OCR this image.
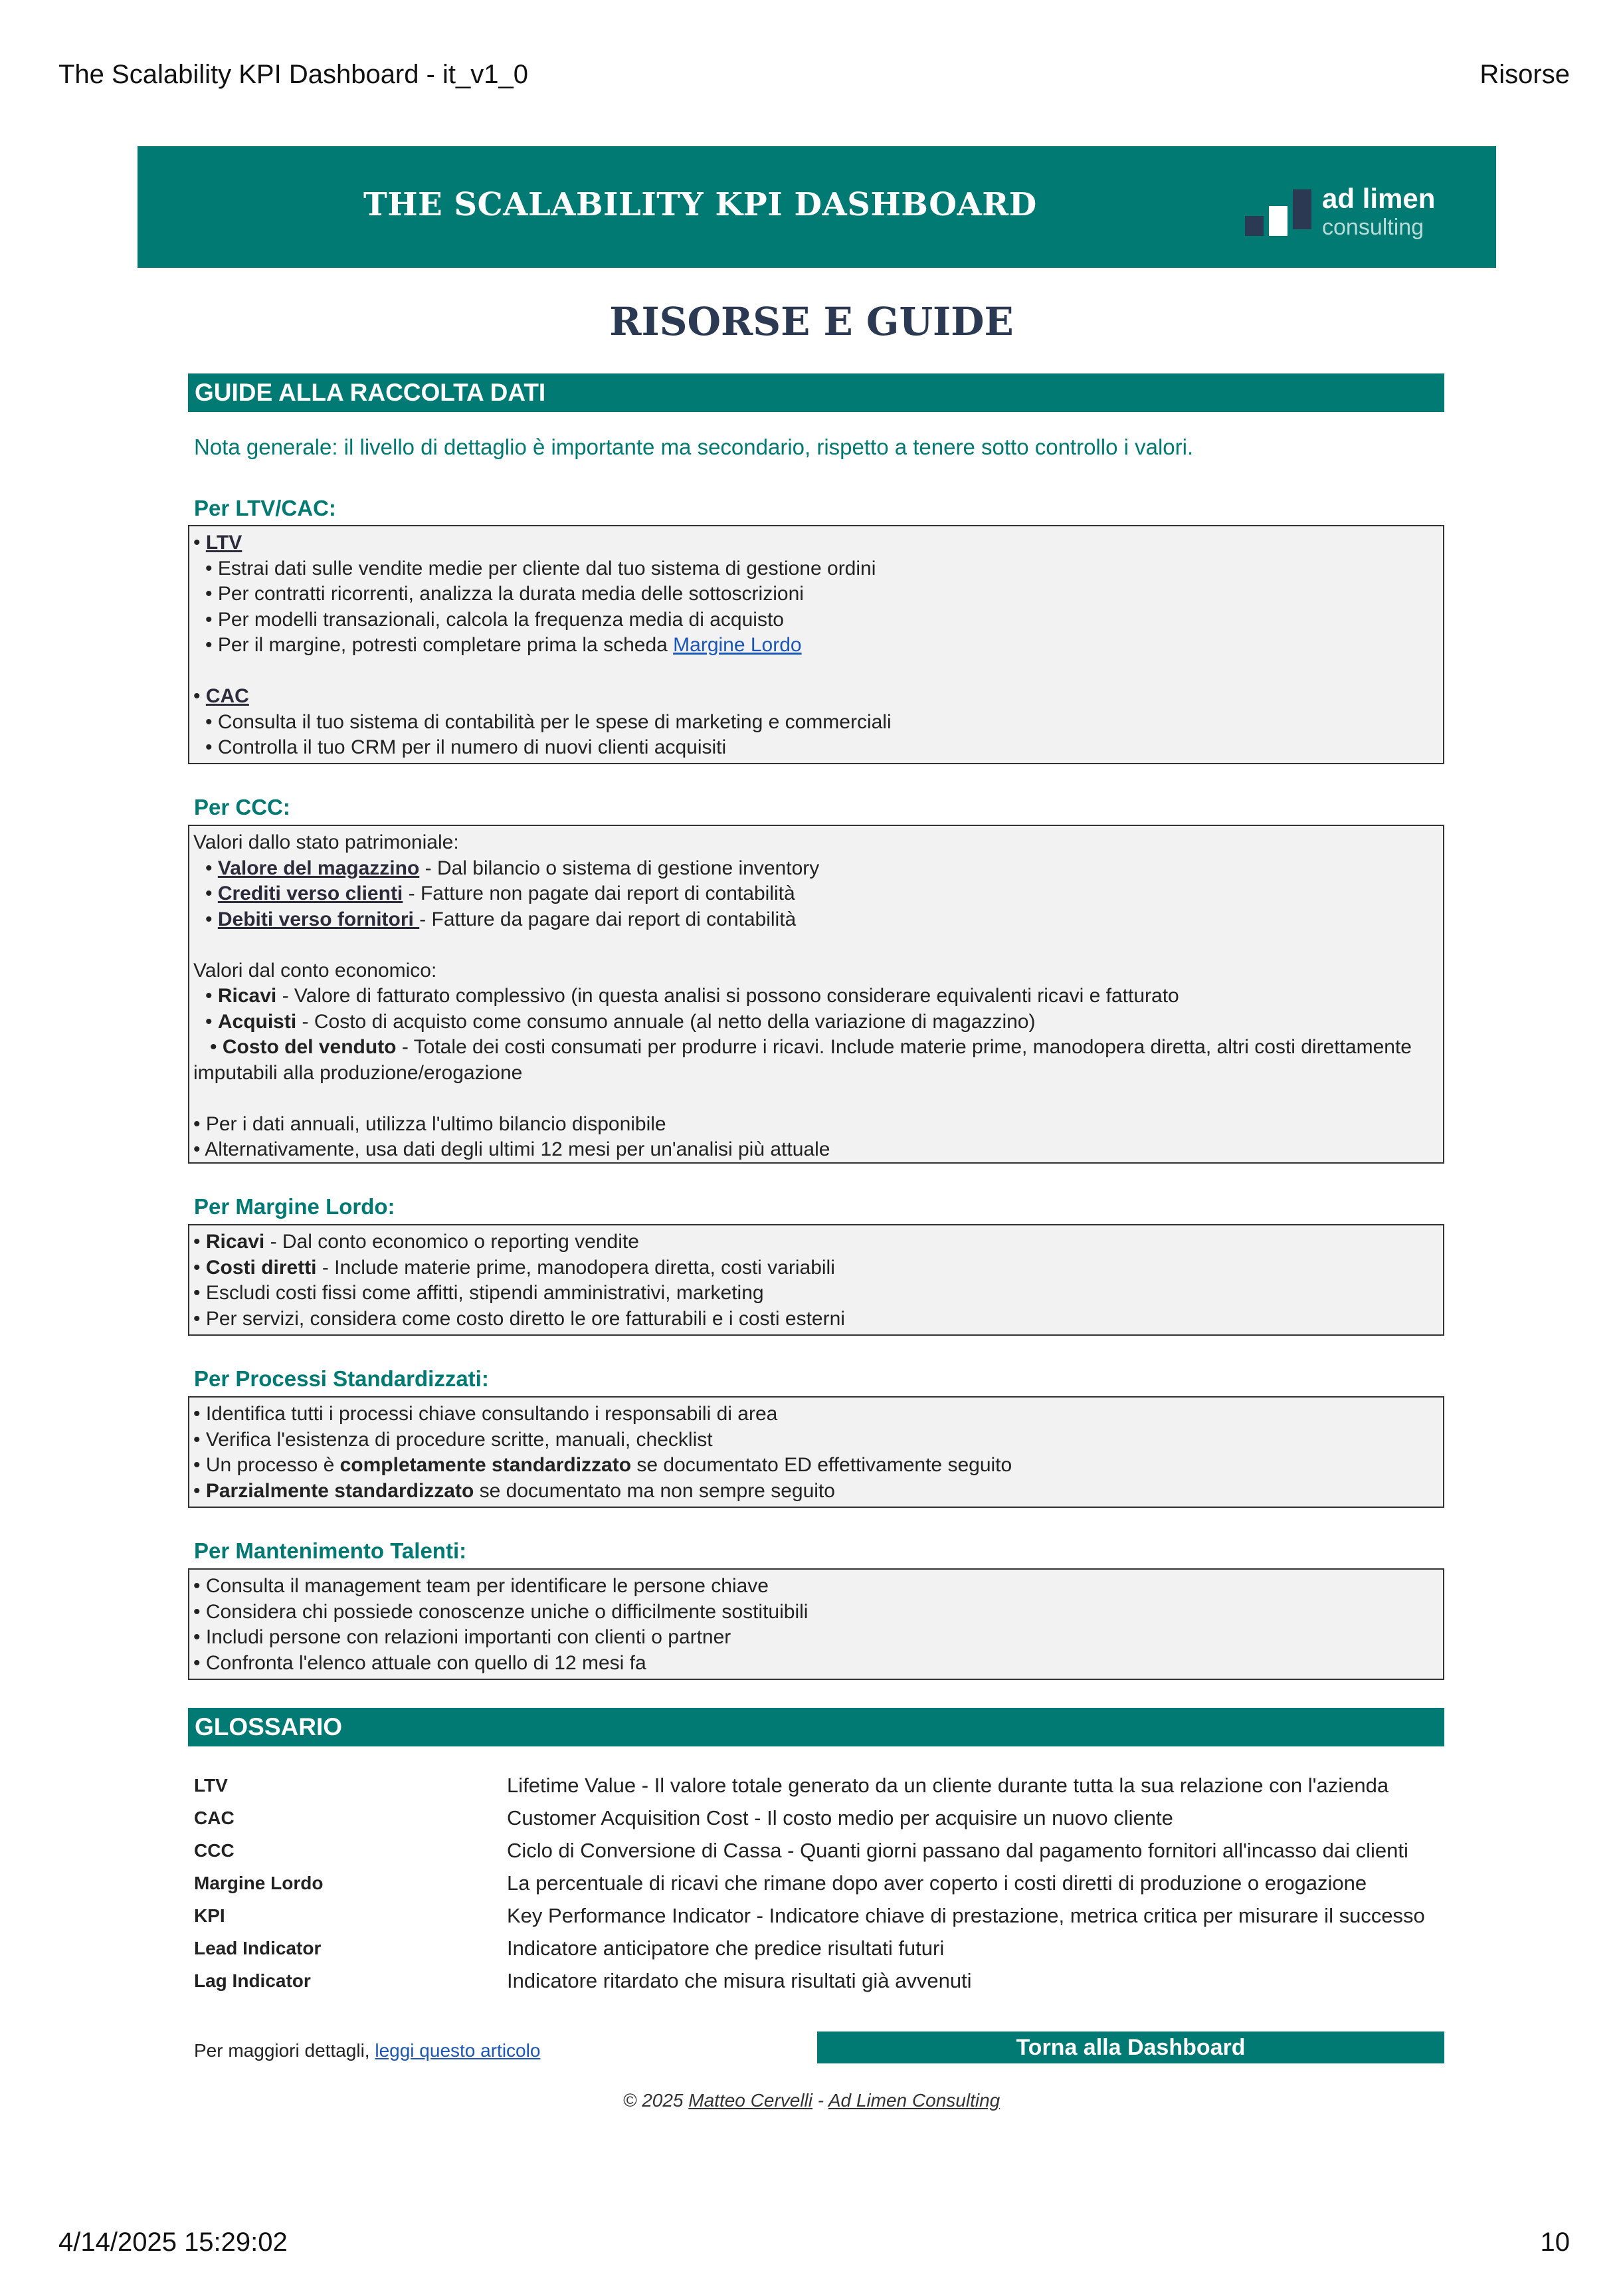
The Scalability KPI Dashboard - it_v1_0	Risorse
THE SCALABILITY KPI DASHBOARD	ad limen
consulting
RISORSE E GUIDE
GUIDE ALLA RACCOLTA DATI
Nota generale: il livello di dettaglio è importante ma secondario, rispetto a tenere sotto controllo i valori.
Per LTV/CAC:
• LTV
• Estrai dati sulle vendite medie per cliente dal tuo sistema di gestione ordini
• Per contratti ricorrenti, analizza la durata media delle sottoscrizioni
• Per modelli transazionali, calcola la frequenza media di acquisto
• Per il margine, potresti completare prima la scheda Margine Lordo
• CAC
• Consulta il tuo sistema di contabilità per le spese di marketing e commerciali
• Controlla il tuo CRM per il numero di nuovi clienti acquisiti
Per CCC:
Valori dallo stato patrimoniale:
• Valore del magazzino - Dal bilancio o sistema di gestione inventory
• Crediti verso clienti - Fatture non pagate dai report di contabilità
• Debiti verso fornitori - Fatture da pagare dai report di contabilità
Valori dal conto economico:
• Ricavi - Valore di fatturato complessivo (in questa analisi si possono considerare equivalenti ricavi e fatturato
• Acquisti - Costo di acquisto come consumo annuale (al netto della variazione di magazzino)
• Costo del venduto - Totale dei costi consumati per produrre i ricavi. Include materie prime, manodopera diretta, altri costi direttamente imputabili alla produzione/erogazione
• Per i dati annuali, utilizza l'ultimo bilancio disponibile
• Alternativamente, usa dati degli ultimi 12 mesi per un'analisi più attuale
Per Margine Lordo:
• Ricavi - Dal conto economico o reporting vendite
• Costi diretti - Include materie prime, manodopera diretta, costi variabili
• Escludi costi fissi come affitti, stipendi amministrativi, marketing
• Per servizi, considera come costo diretto le ore fatturabili e i costi esterni
Per Processi Standardizzati:
• Identifica tutti i processi chiave consultando i responsabili di area
• Verifica l'esistenza di procedure scritte, manuali, checklist
• Un processo è completamente standardizzato se documentato ED effettivamente seguito
• Parzialmente standardizzato se documentato ma non sempre seguito
Per Mantenimento Talenti:
• Consulta il management team per identificare le persone chiave
• Considera chi possiede conoscenze uniche o difficilmente sostituibili
• Includi persone con relazioni importanti con clienti o partner
• Confronta l'elenco attuale con quello di 12 mesi fa
GLOSSARIO
LTV	Lifetime Value - Il valore totale generato da un cliente durante tutta la sua relazione con l'azienda
CAC	Customer Acquisition Cost - Il costo medio per acquisire un nuovo cliente
CCC	Ciclo di Conversione di Cassa - Quanti giorni passano dal pagamento fornitori all'incasso dai clienti
Margine Lordo	La percentuale di ricavi che rimane dopo aver coperto i costi diretti di produzione o erogazione
KPI	Key Performance Indicator - Indicatore chiave di prestazione, metrica critica per misurare il successo
Lead Indicator	Indicatore anticipatore che predice risultati futuri
Lag Indicator	Indicatore ritardato che misura risultati già avvenuti
Per maggiori dettagli, leggi questo articolo	Torna alla Dashboard
© 2025 Matteo Cervelli - Ad Limen Consulting
4/14/2025 15:29:02	10
